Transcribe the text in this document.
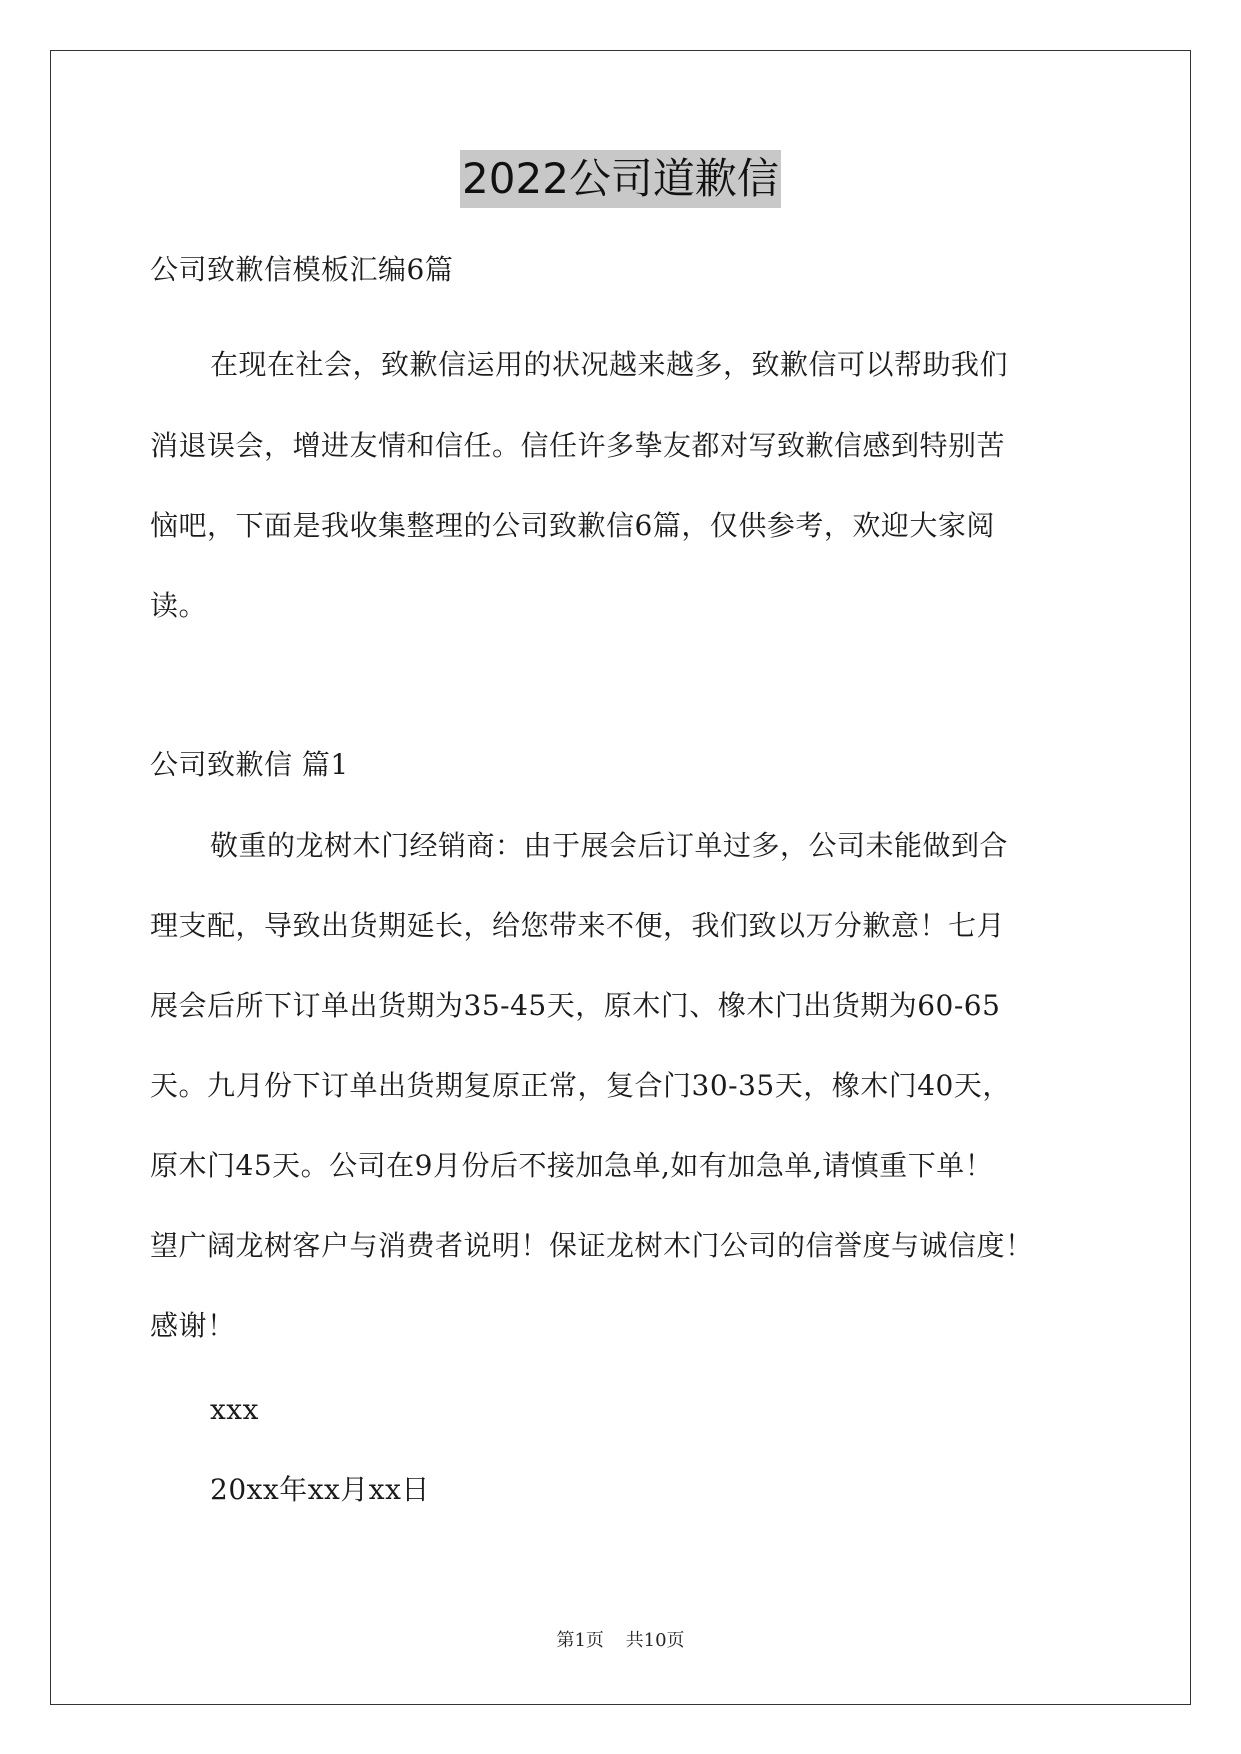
2022公司道歉信
公司致歉信模板汇编6篇
在现在社会，致歉信运用的状况越来越多，致歉信可以帮助我们
消退误会，增进友情和信任。信任许多挚友都对写致歉信感到特别苦
恼吧，下面是我收集整理的公司致歉信6篇，仅供参考，欢迎大家阅
读。
公司致歉信 篇1
敬重的龙树木门经销商：由于展会后订单过多，公司未能做到合
理支配，导致出货期延长，给您带来不便，我们致以万分歉意！七月
展会后所下订单出货期为35-45天，原木门、橡木门出货期为60-65
天。九月份下订单出货期复原正常，复合门30-35天，橡木门40天，
原木门45天。公司在9月份后不接加急单,如有加急单,请慎重下单！
望广阔龙树客户与消费者说明！保证龙树木门公司的信誉度与诚信度！
感谢！
xxx
20xx年xx月xx日
第1页 共10页
